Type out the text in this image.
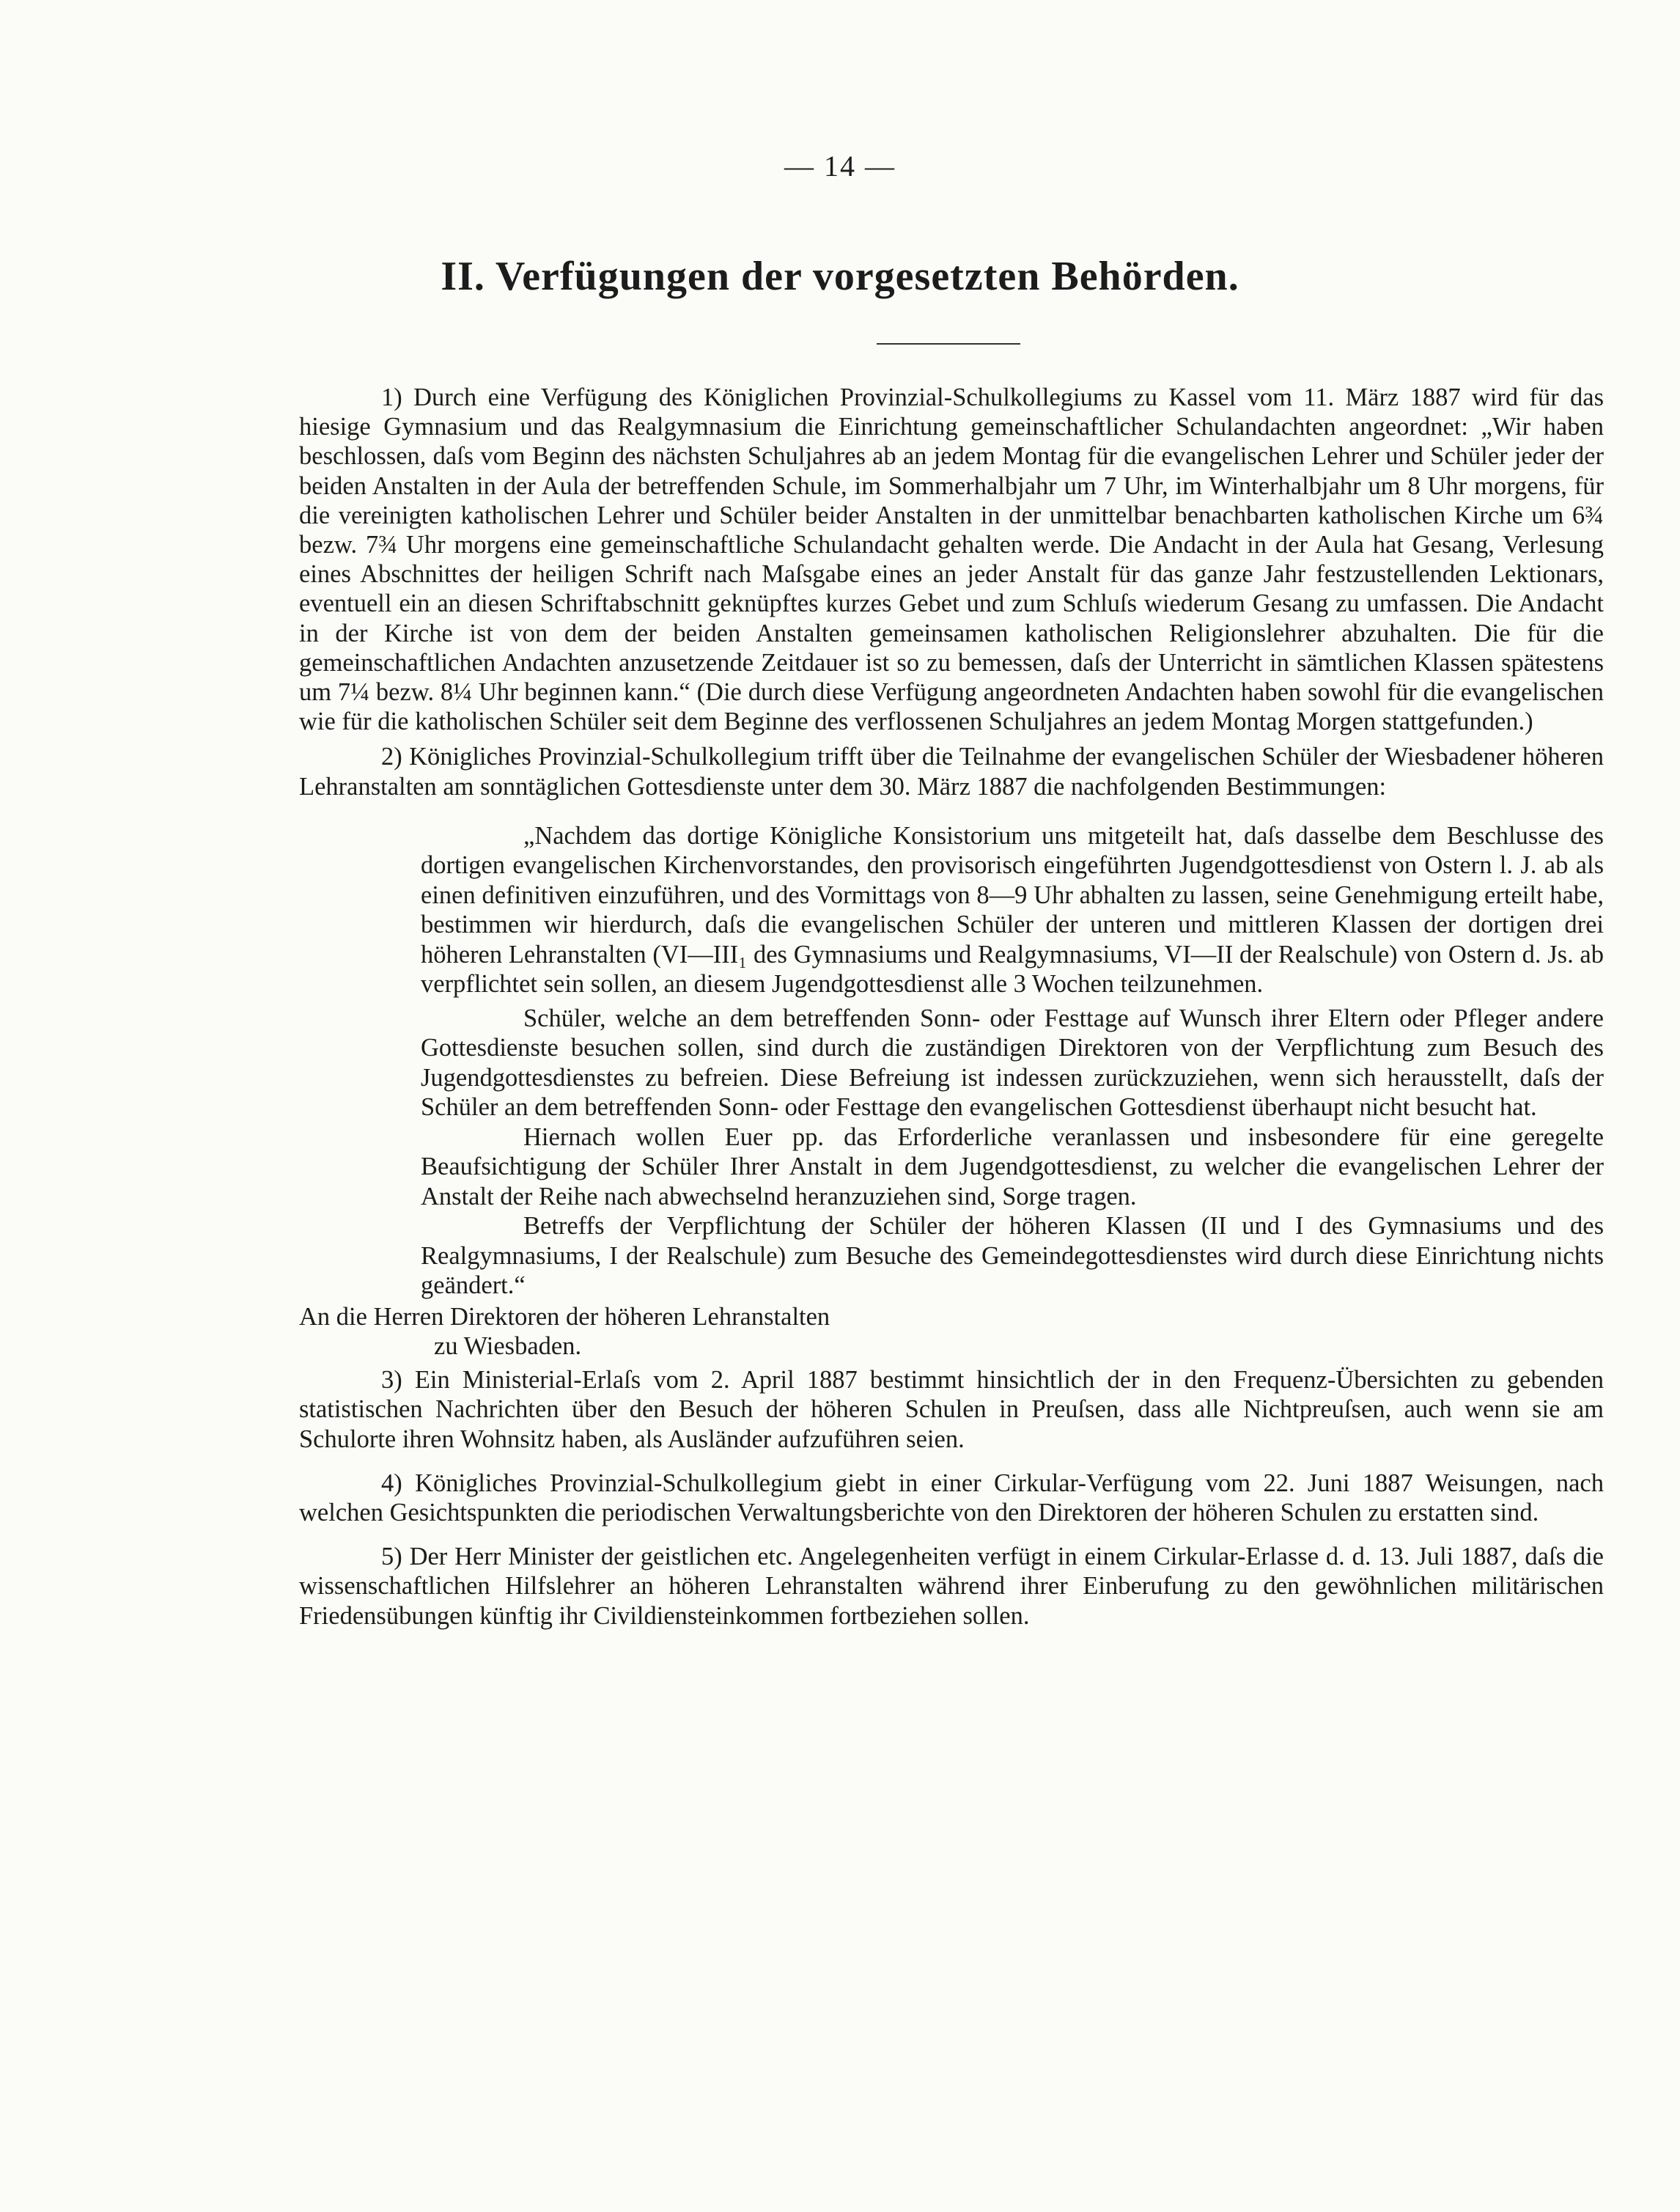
— 14 —
II. Verfügungen der vorgesetzten Behörden.

1) Durch eine Verfügung des Königlichen Provinzial-Schulkollegiums zu Kassel vom 11. März 1887 wird für das hiesige Gymnasium und das Realgymnasium die Einrichtung gemeinschaftlicher Schulandachten angeordnet: „Wir haben beschlossen, daſs vom Beginn des nächsten Schuljahres ab an jedem Montag für die evangelischen Lehrer und Schüler jeder der beiden Anstalten in der Aula der betreffenden Schule, im Sommerhalbjahr um 7 Uhr, im Winterhalbjahr um 8 Uhr morgens, für die vereinigten katholischen Lehrer und Schüler beider Anstalten in der unmittelbar benachbarten katholischen Kirche um 6¾ bezw. 7¾ Uhr morgens eine gemeinschaftliche Schulandacht gehalten werde. Die Andacht in der Aula hat Gesang, Verlesung eines Abschnittes der heiligen Schrift nach Maſsgabe eines an jeder Anstalt für das ganze Jahr festzustellenden Lektionars, eventuell ein an diesen Schriftabschnitt geknüpftes kurzes Gebet und zum Schluſs wiederum Gesang zu umfassen. Die Andacht in der Kirche ist von dem der beiden Anstalten gemeinsamen katholischen Religionslehrer abzuhalten. Die für die gemeinschaftlichen Andachten anzusetzende Zeitdauer ist so zu bemessen, daſs der Unterricht in sämtlichen Klassen spätestens um 7¼ bezw. 8¼ Uhr beginnen kann.“ (Die durch diese Verfügung angeordneten Andachten haben sowohl für die evangelischen wie für die katholischen Schüler seit dem Beginne des verflossenen Schuljahres an jedem Montag Morgen stattgefunden.)

2) Königliches Provinzial-Schulkollegium trifft über die Teilnahme der evangelischen Schüler der Wiesbadener höheren Lehranstalten am sonntäglichen Gottesdienste unter dem 30. März 1887 die nachfolgenden Bestimmungen:

„Nachdem das dortige Königliche Konsistorium uns mitgeteilt hat, daſs dasselbe dem Beschlusse des dortigen evangelischen Kirchenvorstandes, den provisorisch eingeführten Jugendgottesdienst von Ostern l. J. ab als einen definitiven einzuführen, und des Vormittags von 8—9 Uhr abhalten zu lassen, seine Genehmigung erteilt habe, bestimmen wir hierdurch, daſs die evangelischen Schüler der unteren und mittleren Klassen der dortigen drei höheren Lehranstalten (VI—III₁ des Gymnasiums und Realgymnasiums, VI—II der Realschule) von Ostern d. Js. ab verpflichtet sein sollen, an diesem Jugendgottesdienst alle 3 Wochen teilzunehmen.

Schüler, welche an dem betreffenden Sonn- oder Festtage auf Wunsch ihrer Eltern oder Pfleger andere Gottesdienste besuchen sollen, sind durch die zuständigen Direktoren von der Verpflichtung zum Besuch des Jugendgottesdienstes zu befreien. Diese Befreiung ist indessen zurückzuziehen, wenn sich herausstellt, daſs der Schüler an dem betreffenden Sonn- oder Festtage den evangelischen Gottesdienst überhaupt nicht besucht hat.

Hiernach wollen Euer pp. das Erforderliche veranlassen und insbesondere für eine geregelte Beaufsichtigung der Schüler Ihrer Anstalt in dem Jugendgottesdienst, zu welcher die evangelischen Lehrer der Anstalt der Reihe nach abwechselnd heranzuziehen sind, Sorge tragen.

Betreffs der Verpflichtung der Schüler der höheren Klassen (II und I des Gymnasiums und des Realgymnasiums, I der Realschule) zum Besuche des Gemeindegottesdienstes wird durch diese Einrichtung nichts geändert.“

An die Herren Direktoren der höheren Lehranstalten
zu Wiesbaden.

3) Ein Ministerial-Erlaſs vom 2. April 1887 bestimmt hinsichtlich der in den Frequenz-Übersichten zu gebenden statistischen Nachrichten über den Besuch der höheren Schulen in Preuſsen, dass alle Nichtpreuſsen, auch wenn sie am Schulorte ihren Wohnsitz haben, als Ausländer aufzuführen seien.

4) Königliches Provinzial-Schulkollegium giebt in einer Cirkular-Verfügung vom 22. Juni 1887 Weisungen, nach welchen Gesichtspunkten die periodischen Verwaltungsberichte von den Direktoren der höheren Schulen zu erstatten sind.

5) Der Herr Minister der geistlichen etc. Angelegenheiten verfügt in einem Cirkular-Erlasse d. d. 13. Juli 1887, daſs die wissenschaftlichen Hilfslehrer an höheren Lehranstalten während ihrer Einberufung zu den gewöhnlichen militärischen Friedensübungen künftig ihr Civildiensteinkommen fortbeziehen sollen.
